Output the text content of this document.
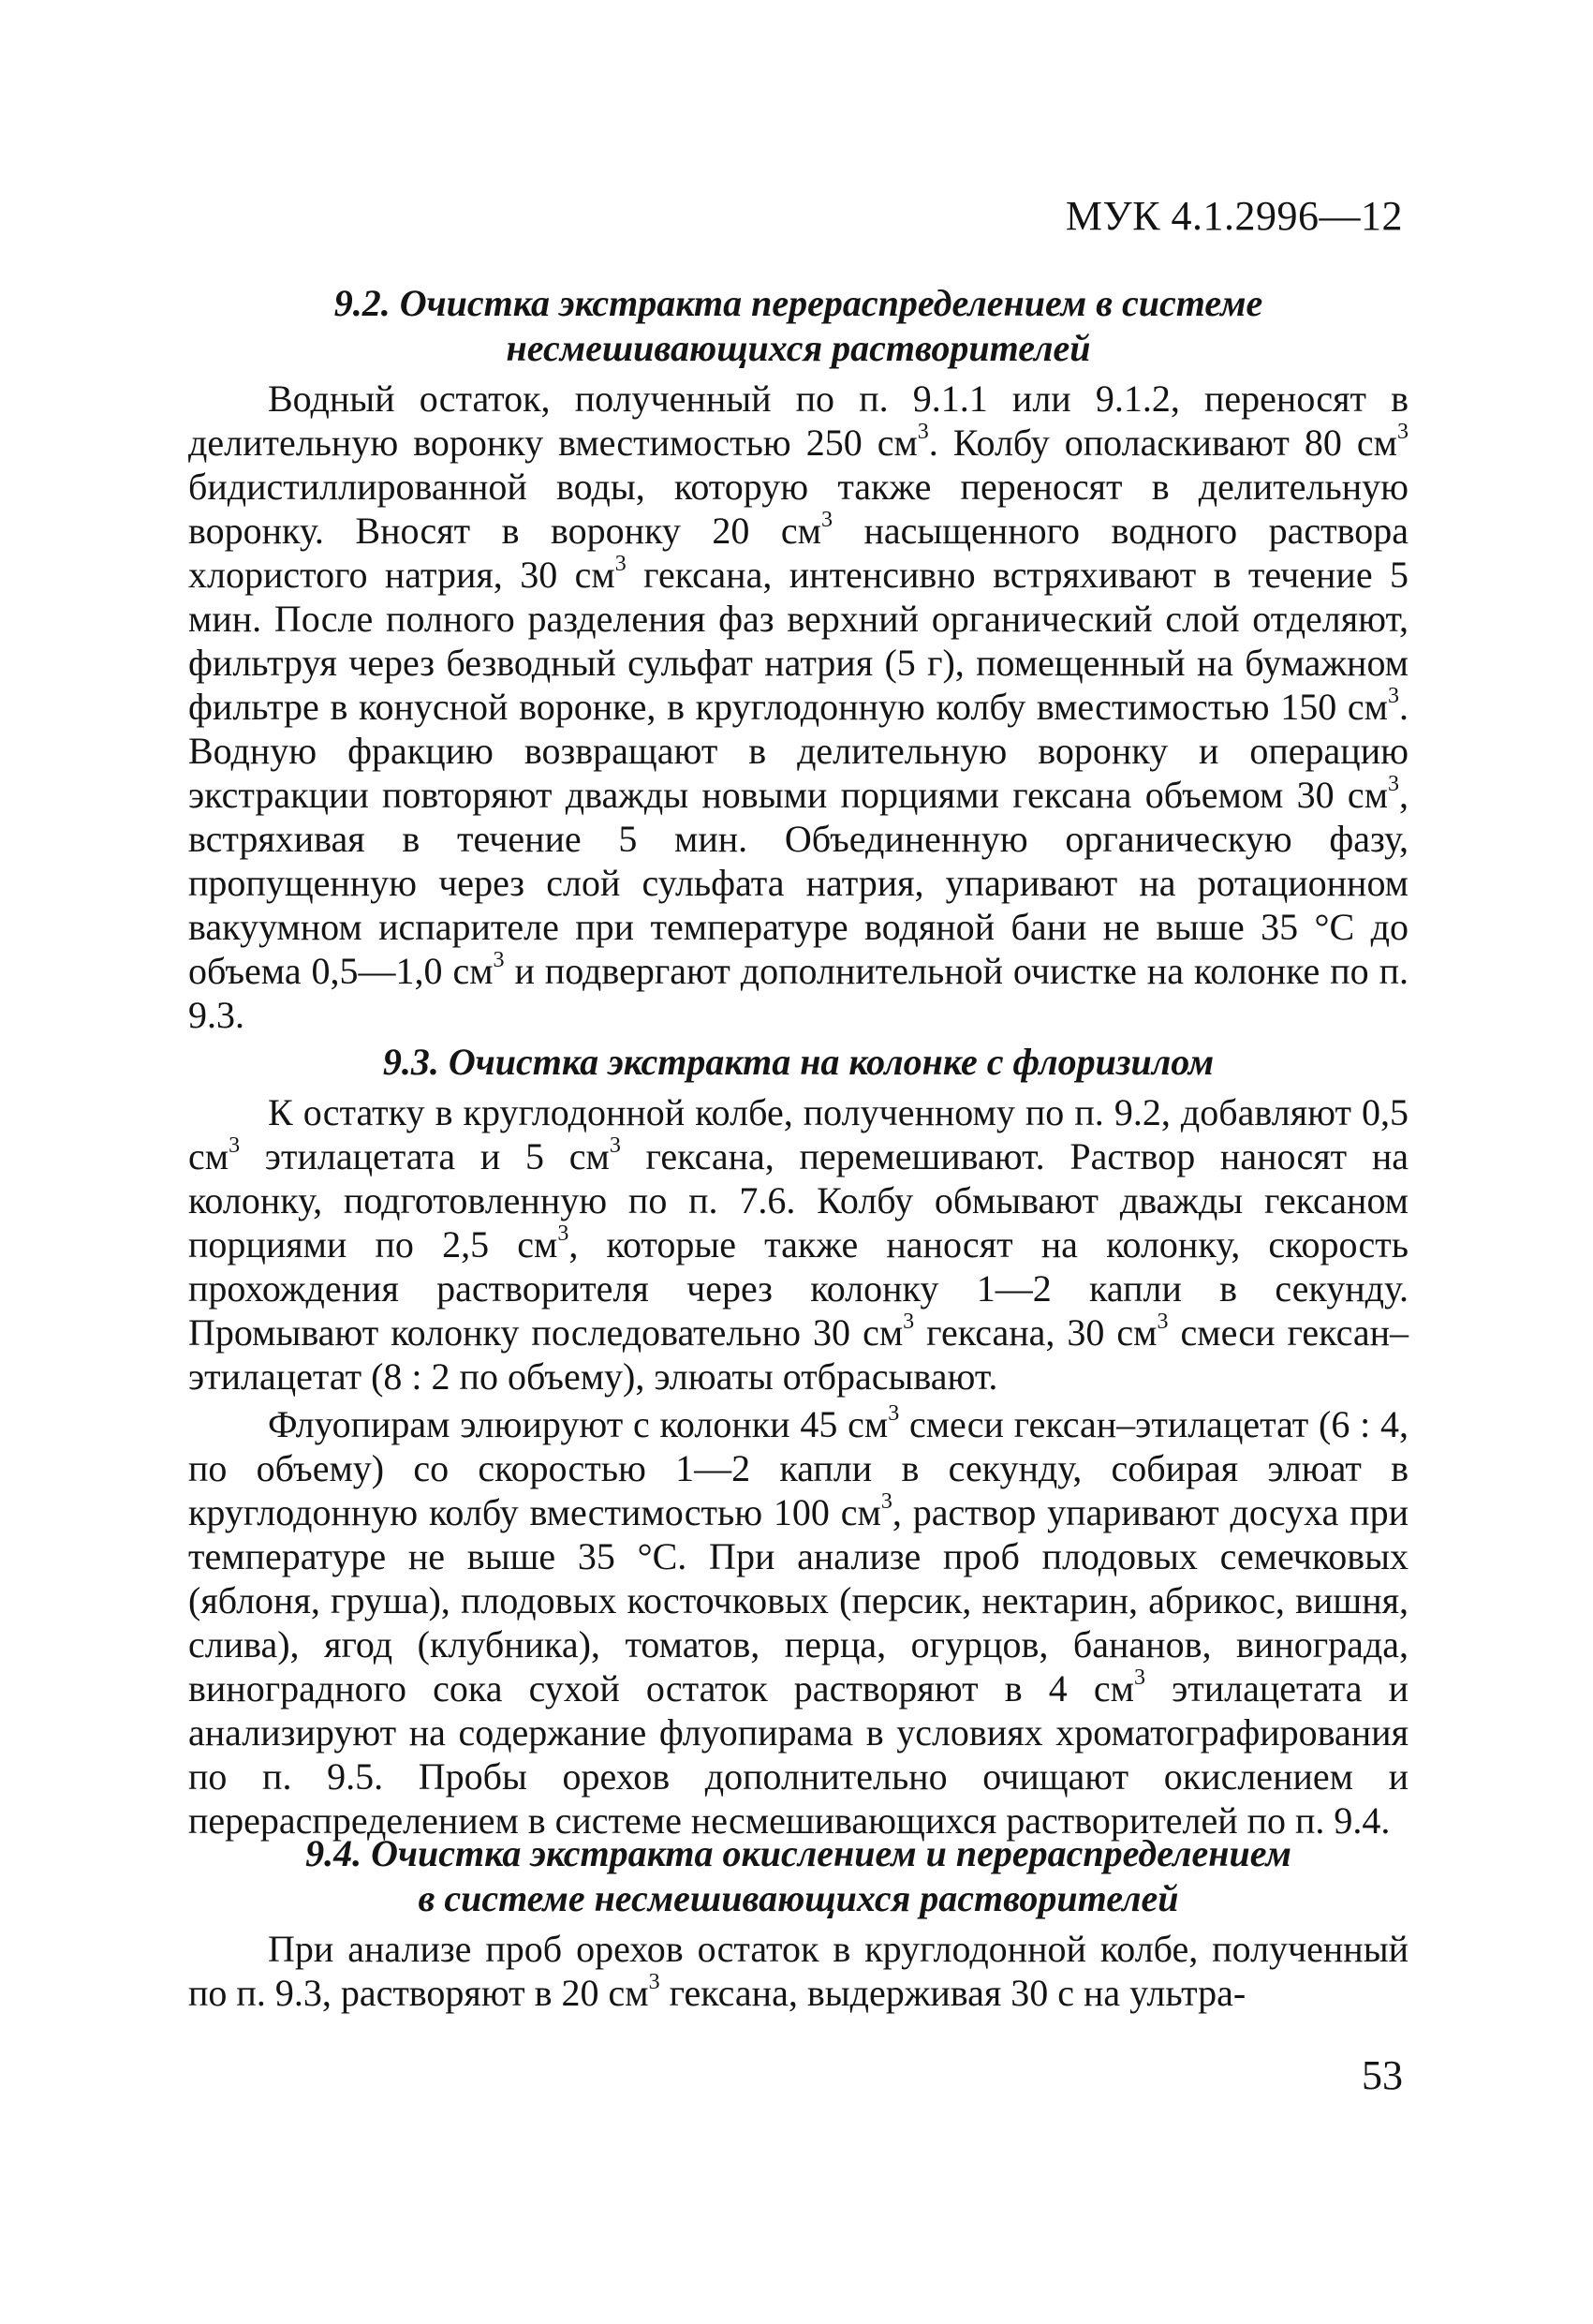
МУК 4.1.2996—12
9.2. Очистка экстракта перераспределением в системе
несмешивающихся растворителей

Водный остаток, полученный по п. 9.1.1 или 9.1.2, переносят в делительную воронку вместимостью 250 $см^3$. Колбу ополаскивают 80 $см^3$ бидистиллированной воды, которую также переносят в делительную воронку. Вносят в воронку 20 $см^3$ насыщенного водного раствора хлористого натрия, 30 $см^3$ гексана, интенсивно встряхивают в течение 5 мин. После полного разделения фаз верхний органический слой отделяют, фильтруя через безводный сульфат натрия (5 г), помещенный на бумажном фильтре в конусной воронке, в круглодонную колбу вместимостью 150 $см^3$. Водную фракцию возвращают в делительную воронку и операцию экстракции повторяют дважды новыми порциями гексана объемом 30 $см^3$, встряхивая в течение 5 мин. Объединенную органическую фазу, пропущенную через слой сульфата натрия, упаривают на ротационном вакуумном испарителе при температуре водяной бани не выше 35 °С до объема 0,5—1,0 $см^3$ и подвергают дополнительной очистке на колонке по п. 9.3.

9.3. Очистка экстракта на колонке с флоризилом

К остатку в круглодонной колбе, полученному по п. 9.2, добавляют 0,5 $см^3$ этилацетата и 5 $см^3$ гексана, перемешивают. Раствор наносят на колонку, подготовленную по п. 7.6. Колбу обмывают дважды гексаном порциями по 2,5 $см^3$, которые также наносят на колонку, скорость прохождения растворителя через колонку 1—2 капли в секунду. Промывают колонку последовательно 30 $см^3$ гексана, 30 $см^3$ смеси гексан–этилацетат (8 : 2 по объему), элюаты отбрасывают.

Флуопирам элюируют с колонки 45 $см^3$ смеси гексан–этилацетат (6 : 4, по объему) со скоростью 1—2 капли в секунду, собирая элюат в круглодонную колбу вместимостью 100 $см^3$, раствор упаривают досуха при температуре не выше 35 °С. При анализе проб плодовых семечковых (яблоня, груша), плодовых косточковых (персик, нектарин, абрикос, вишня, слива), ягод (клубника), томатов, перца, огурцов, бананов, винограда, виноградного сока сухой остаток растворяют в 4 $см^3$ этилацетата и анализируют на содержание флуопирама в условиях хроматографирования по п. 9.5. Пробы орехов дополнительно очищают окислением и перераспределением в системе несмешивающихся растворителей по п. 9.4.

9.4. Очистка экстракта окислением и перераспределением
в системе несмешивающихся растворителей

При анализе проб орехов остаток в круглодонной колбе, полученный по п. 9.3, растворяют в 20 $см^3$ гексана, выдерживая 30 с на ультра-

53
